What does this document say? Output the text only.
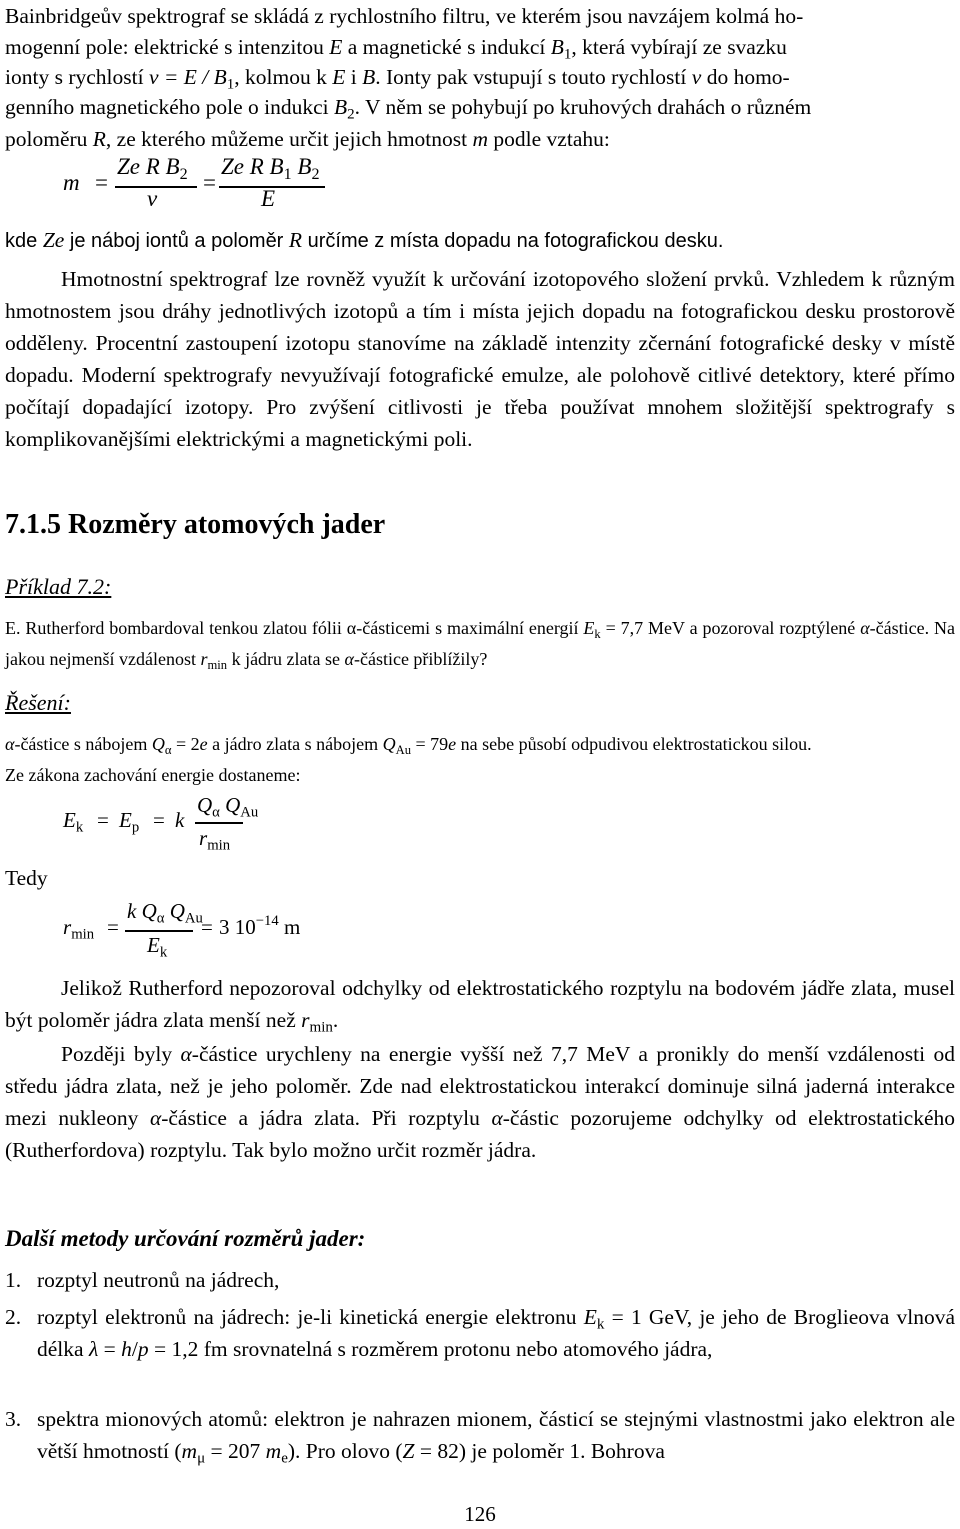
Bainbridgeův spektrograf se skládá z rychlostního filtru, ve kterém jsou navzájem kolmá ho-
mogenní pole: elektrické s intenzitou E a magnetické s indukcí $B_1$, která vybírají ze svazku
ionty s rychlostí $v = E / B_1$, kolmou k E i B. Ionty pak vstupují s touto rychlostí v do homo-
genního magnetického pole o indukci $B_2$. V něm se pohybují po kruhových drahách o různém
poloměru R, ze kterého můžeme určit jejich hmotnost m podle vztahu:
m =
Ze R $B_2$
v
=
Ze R $B_1$ $B_2$
E
kde Ze je náboj iontů a poloměr R určíme z místa dopadu na fotografickou desku.

Hmotnostní spektrograf lze rovněž využít k určování izotopového složení prvků. Vzhledem k různým hmotnostem jsou dráhy jednotlivých izotopů a tím i místa jejich dopadu na fotografickou desku prostorově odděleny. Procentní zastoupení izotopu stanovíme na základě intenzity zčernání fotografické desky v místě dopadu. Moderní spektrografy nevyužívají fotografické emulze, ale polohově citlivé detektory, které přímo počítají dopadající izotopy. Pro zvýšení citlivosti je třeba používat mnohem složitější spektrografy s komplikovanějšími elektrickými a magnetickými poli.

7.1.5 Rozměry atomových jader
Příklad 7.2:

E. Rutherford bombardoval tenkou zlatou fólii α-částicemi s maximální energií $E_k = 7,7$ MeV a pozoroval rozptýlené α-částice. Na jakou nejmenší vzdálenost $r_{min}$ k jádru zlata se α-částice přiblížily?

Řešení:

α-částice s nábojem $Q_\alpha = 2e$ a jádro zlata s nábojem $Q_{Au} = 79e$ na sebe působí odpudivou elektrostatickou silou.
Ze zákona zachování energie dostaneme:

$E_k = E_p = k$
$Q_\alpha$ $Q_{Au}$
$r_{min}$
Tedy
$r_{min}$ =
k $Q_\alpha$ $Q_{Au}$
$E_k$
= 3 $10^{-14}$ m

Jelikož Rutherford nepozoroval odchylky od elektrostatického rozptylu na bodovém jádře zlata, musel být poloměr jádra zlata menší než $r_{min}$.

Později byly α-částice urychleny na energie vyšší než 7,7 MeV a pronikly do menší vzdálenosti od středu jádra zlata, než je jeho poloměr. Zde nad elektrostatickou interakcí dominuje silná jaderná interakce mezi nukleony α-částice a jádra zlata. Při rozptylu α-částic pozorujeme odchylky od elektrostatického (Rutherfordova) rozptylu. Tak bylo možno určit rozměr jádra.

Další metody určování rozměrů jader:
1. rozptyl neutronů na jádrech,

2. rozptyl elektronů na jádrech: je-li kinetická energie elektronu $E_k = 1$ GeV, je jeho de Broglieova vlnová délka λ = h/p = 1,2 fm srovnatelná s rozměrem protonu nebo atomového jádra,

3. spektra mionových atomů: elektron je nahrazen mionem, částicí se stejnými vlastnostmi jako elektron ale větší hmotností ($m_\mu = 207$ $m_e$). Pro olovo (Z = 82) je poloměr 1. Bohrova

126
